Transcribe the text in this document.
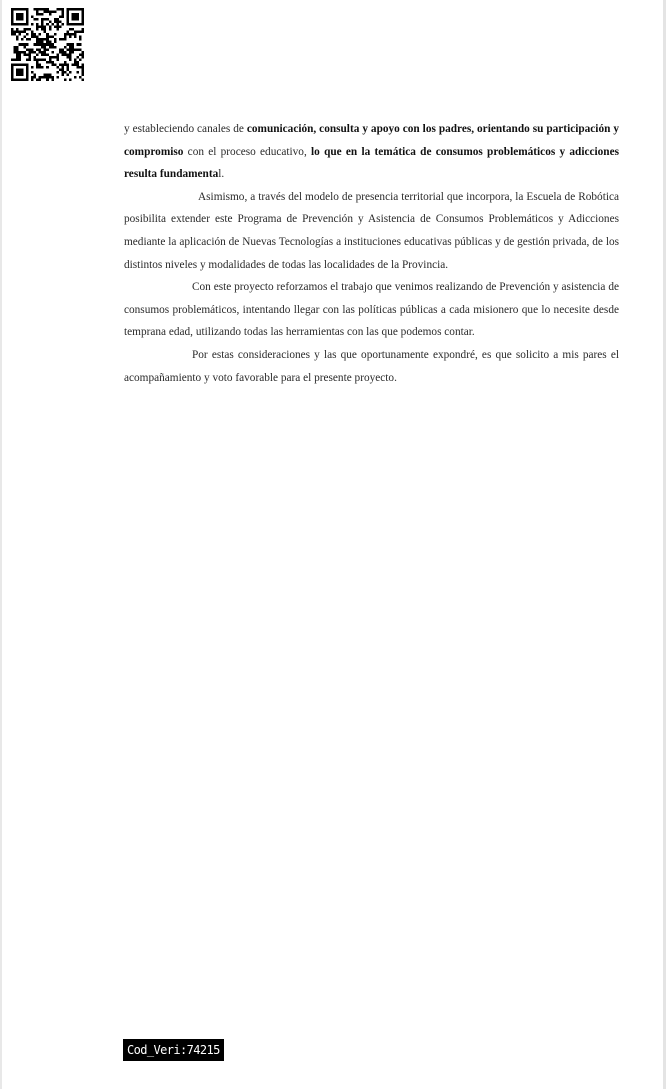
y estableciendo canales de comunicación, consulta y apoyo con los padres, orientando su participación y compromiso con el proceso educativo, lo que en la temática de consumos problemáticos y adicciones resulta fundamental.

Asimismo, a través del modelo de presencia territorial que incorpora, la Escuela de Robótica posibilita extender este Programa de Prevención y Asistencia de Consumos Problemáticos y Adicciones mediante la aplicación de Nuevas Tecnologías a instituciones educativas públicas y de gestión privada, de los distintos niveles y modalidades de todas las localidades de la Provincia.

Con este proyecto reforzamos el trabajo que venimos realizando de Prevención y asistencia de consumos problemáticos, intentando llegar con las políticas públicas a cada misionero que lo necesite desde temprana edad, utilizando todas las herramientas con las que podemos contar.

Por estas consideraciones y las que oportunamente expondré, es que solicito a mis pares el acompañamiento y voto favorable para el presente proyecto.

Cod_Veri:74215
